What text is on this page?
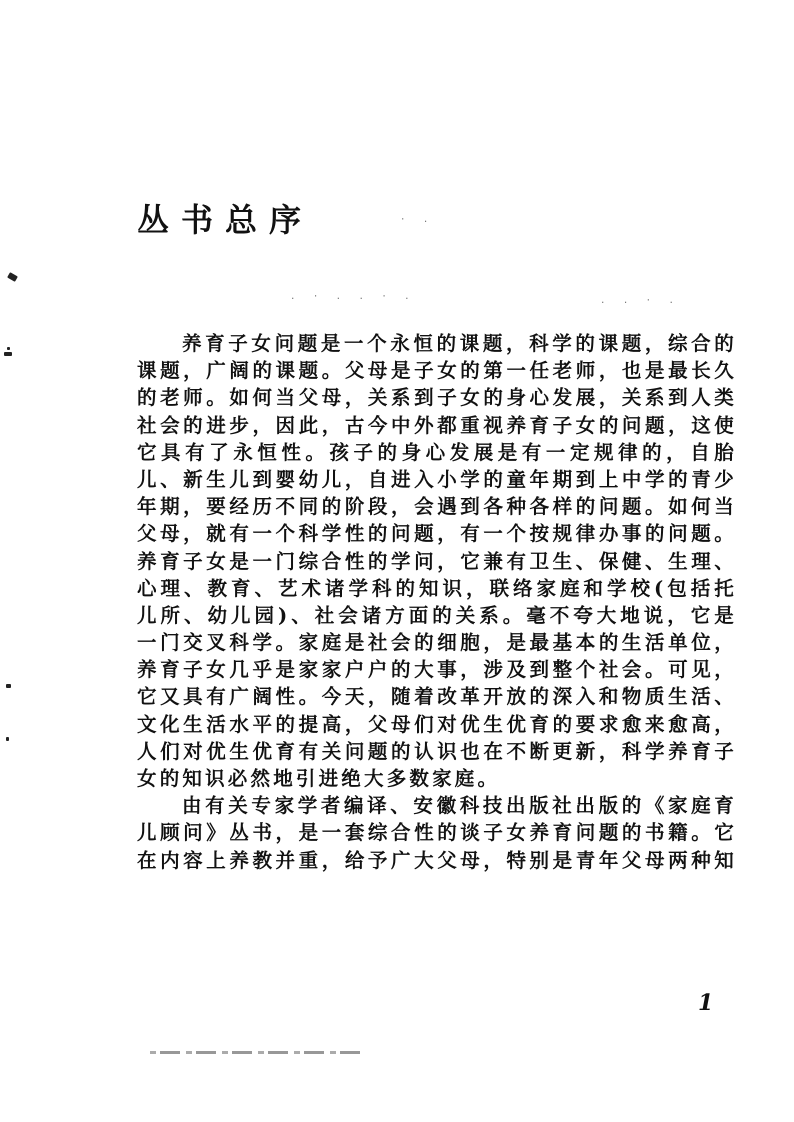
丛书总序
. · . . · .	. . · .
· .
养育子女问题是一个永恒的课题，科学的课题，综合的
课题，广阔的课题。父母是子女的第一任老师，也是最长久
的老师。如何当父母，关系到子女的身心发展，关系到人类
社会的进步，因此，古今中外都重视养育子女的问题，这使
它具有了永恒性。孩子的身心发展是有一定规律的，自胎
儿、新生儿到婴幼儿，自进入小学的童年期到上中学的青少
年期，要经历不同的阶段，会遇到各种各样的问题。如何当
父母，就有一个科学性的问题，有一个按规律办事的问题。
养育子女是一门综合性的学问，它兼有卫生、保健、生理、
心理、教育、艺术诸学科的知识，联络家庭和学校(包括托
儿所、幼儿园)、社会诸方面的关系。毫不夸大地说，它是
一门交叉科学。家庭是社会的细胞，是最基本的生活单位，
养育子女几乎是家家户户的大事，涉及到整个社会。可见，
它又具有广阔性。今天，随着改革开放的深入和物质生活、
文化生活水平的提高，父母们对优生优育的要求愈来愈高，
人们对优生优育有关问题的认识也在不断更新，科学养育子
女的知识必然地引进绝大多数家庭。
由有关专家学者编译、安徽科技出版社出版的《家庭育
儿顾问》丛书，是一套综合性的谈子女养育问题的书籍。它
在内容上养教并重，给予广大父母，特别是青年父母两种知
1
